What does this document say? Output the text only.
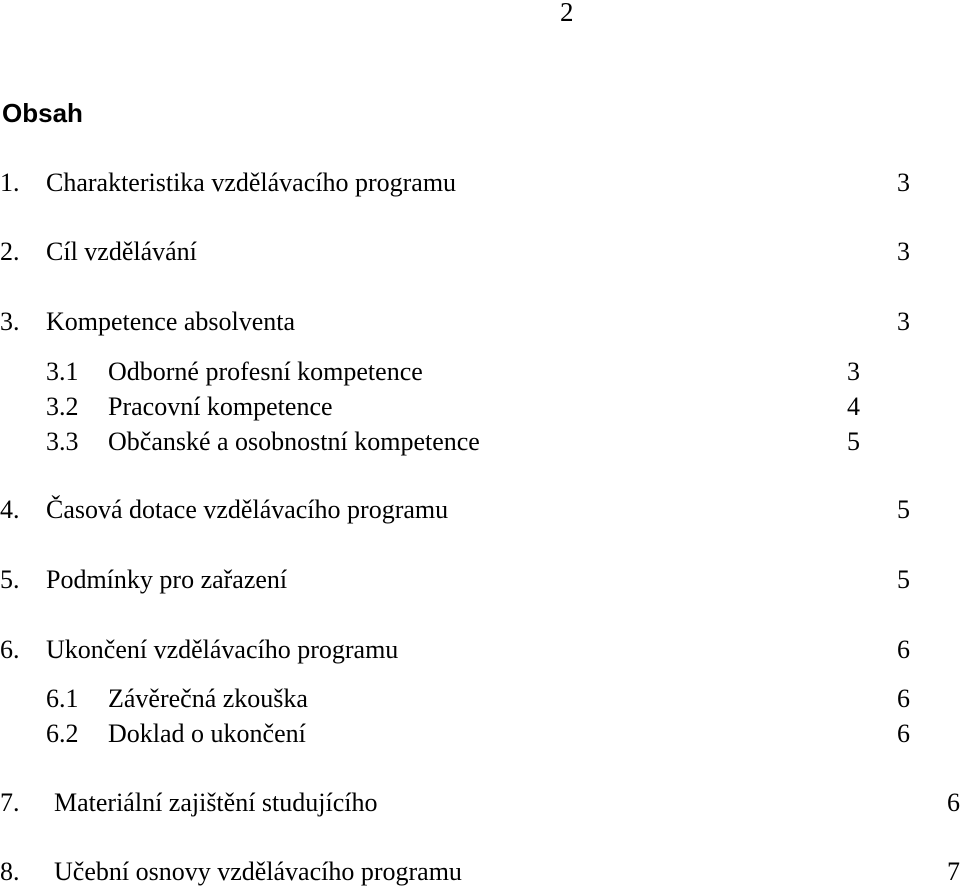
2
Obsah
1. Charakteristika vzdělávacího programu	3
2. Cíl vzdělávání	3
3. Kompetence absolventa	3
3.1 Odborné profesní kompetence	3
3.2 Pracovní kompetence	4
3.3 Občanské a osobnostní kompetence	5
4. Časová dotace vzdělávacího programu	5
5. Podmínky pro zařazení	5
6. Ukončení vzdělávacího programu	6
6.1 Závěrečná zkouška	6
6.2 Doklad o ukončení	6
7. Materiální zajištění studujícího	6
8. Učební osnovy vzdělávacího programu	7
